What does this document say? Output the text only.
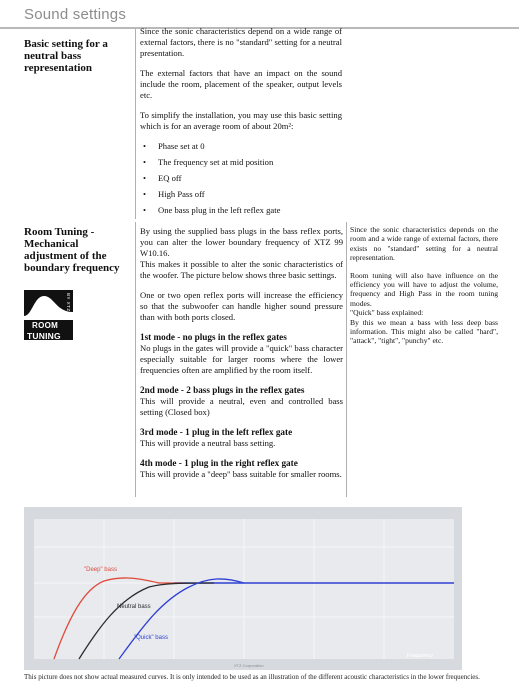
Sound settings
Basic setting for a neutral bass representation

Since the sonic characteristics depend on a wide range of external factors, there is no "standard" setting for a neutral presentation.

The external factors that have an impact on the sound include the room, placement of the speaker, output levels etc.

To simplify the installation, you may use this basic setting which is for an average room of about 20m²:

• Phase set at 0
• The frequency set at mid position
• EQ off
• High Pass off
• One bass plug in the left reflex gate
Room Tuning - Mechanical adjustment of the boundary frequency
ROOM
TUNING
BY XTZ

By using the supplied bass plugs in the bass reflex ports, you can alter the lower boundary frequency of XTZ 99 W10.16.

This makes it possible to alter the sonic characteristics of the woofer. The picture below shows three basic settings.

One or two open reflex ports will increase the efficiency so that the subwoofer can handle higher sound pressure than with both ports closed.

1st mode - no plugs in the reflex gates
No plugs in the gates will provide a "quick" bass character especially suitable for larger rooms where the lower frequencies often are amplified by the room itself.

2nd mode - 2 bass plugs in the reflex gates
This will provide a neutral, even and controlled bass setting (Closed box)

3rd mode - 1 plug in the left reflex gate
This will provide a neutral bass setting.

4th mode - 1 plug in the right reflex gate
This will provide a "deep" bass suitable for smaller rooms.

Since the sonic characteristics depends on the room and a wide range of external factors, there exists no "standard" setting for a neutral representation.

Room tuning will also have influence on the efficiency you will have to adjust the volume, frequency and High Pass in the room tuning modes.

"Quick" bass explained:

By this we mean a bass with less deep bass information. This might also be called "hard", "attack", "tight", "punchy" etc.

"Deep" bass
Neutral bass
"Quick" bass
Frequency
XTZ Corporation
This picture does not show actual measured curves. It is only intended to be used as an illustration of the different acoustic characteristics in the lower frequencies.
